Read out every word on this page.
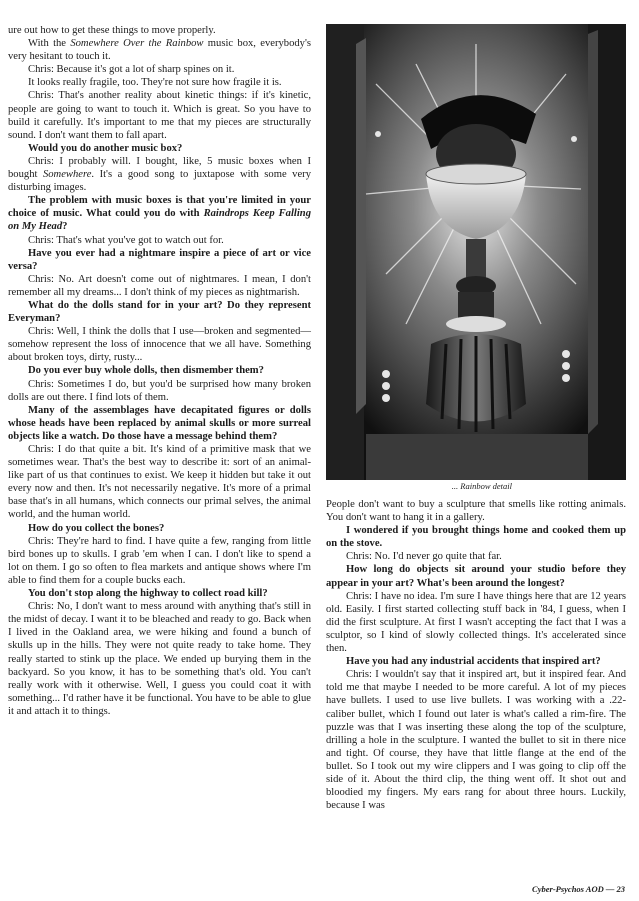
ure out how to get these things to move properly.

With the Somewhere Over the Rainbow music box, everybody's very hesitant to touch it.

Chris: Because it's got a lot of sharp spines on it.

It looks really fragile, too. They're not sure how fragile it is.

Chris: That's another reality about kinetic things: if it's kinetic, people are going to want to touch it. Which is great. So you have to build it carefully. It's important to me that my pieces are structurally sound. I don't want them to fall apart.

Would you do another music box?

Chris: I probably will. I bought, like, 5 music boxes when I bought Somewhere. It's a good song to juxtapose with some very disturbing images.

The problem with music boxes is that you're limited in your choice of music. What could you do with Raindrops Keep Falling on My Head?

Chris: That's what you've got to watch out for.

Have you ever had a nightmare inspire a piece of art or vice versa?

Chris: No. Art doesn't come out of nightmares. I mean, I don't remember all my dreams... I don't think of my pieces as nightmarish.

What do the dolls stand for in your art? Do they represent Everyman?

Chris: Well, I think the dolls that I use—broken and segmented—somehow represent the loss of innocence that we all have. Something about broken toys, dirty, rusty...

Do you ever buy whole dolls, then dismember them?

Chris: Sometimes I do, but you'd be surprised how many broken dolls are out there. I find lots of them.

Many of the assemblages have decapitated figures or dolls whose heads have been replaced by animal skulls or more surreal objects like a watch. Do those have a message behind them?

Chris: I do that quite a bit. It's kind of a primitive mask that we sometimes wear. That's the best way to describe it: sort of an animal-like part of us that continues to exist. We keep it hidden but take it out every now and then. It's not necessarily negative. It's more of a primal base that's in all humans, which connects our primal selves, the animal world, and the human world.

How do you collect the bones?

Chris: They're hard to find. I have quite a few, ranging from little bird bones up to skulls. I grab 'em when I can. I don't like to spend a lot on them. I go so often to flea markets and antique shows where I'm able to find them for a couple bucks each.

You don't stop along the highway to collect road kill?

Chris: No, I don't want to mess around with anything that's still in the midst of decay. I want it to be bleached and ready to go. Back when I lived in the Oakland area, we were hiking and found a bunch of skulls up in the hills. They were not quite ready to take home. They really started to stink up the place. We ended up burying them in the backyard. So you know, it has to be something that's old. You can't really work with it otherwise. Well, I guess you could coat it with something... I'd rather have it be functional. You have to be able to glue it and attach it to things.

... Rainbow detail

People don't want to buy a sculpture that smells like rotting animals. You don't want to hang it in a gallery.

I wondered if you brought things home and cooked them up on the stove.

Chris: No. I'd never go quite that far.

How long do objects sit around your studio before they appear in your art? What's been around the longest?

Chris: I have no idea. I'm sure I have things here that are 12 years old. Easily. I first started collecting stuff back in '84, I guess, when I did the first sculpture. At first I wasn't accepting the fact that I was a sculptor, so I kind of slowly collected things. It's accelerated since then.

Have you had any industrial accidents that inspired art?

Chris: I wouldn't say that it inspired art, but it inspired fear. And told me that maybe I needed to be more careful. A lot of my pieces have bullets. I used to use live bullets. I was working with a .22-caliber bullet, which I found out later is what's called a rim-fire. The puzzle was that I was inserting these along the top of the sculpture, drilling a hole in the sculpture. I wanted the bullet to sit in there nice and tight. Of course, they have that little flange at the end of the bullet. So I took out my wire clippers and I was going to clip off the side of it. About the third clip, the thing went off. It shot out and bloodied my fingers. My ears rang for about three hours. Luckily, because I was

Cyber-Psychos AOD — 23
